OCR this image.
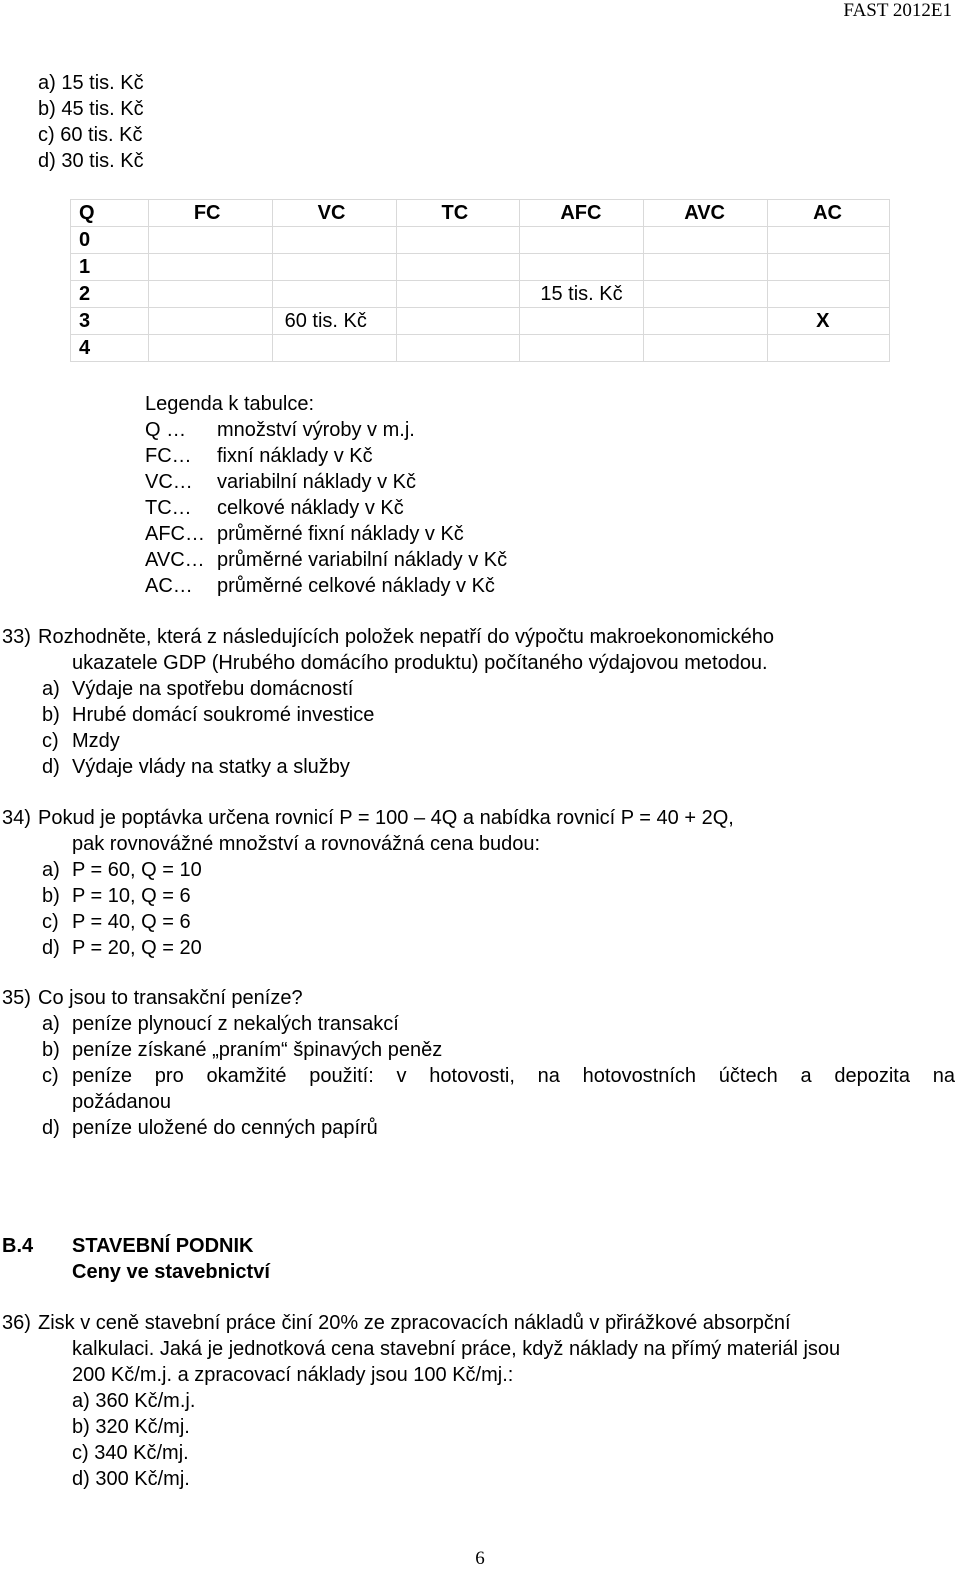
FAST 2012E1
a) 15 tis. Kč
b) 45 tis. Kč
c) 60 tis. Kč
d) 30 tis. Kč
Q	FC	VC	TC	AFC	AVC	AC
0						
1						
2				15 tis. Kč		
3		60 tis. Kč				X
4						
Legenda k tabulce:
Q … množství výroby v m.j.
FC… fixní náklady v Kč
VC… variabilní náklady v Kč
TC… celkové náklady v Kč
AFC… průměrné fixní náklady v Kč
AVC… průměrné variabilní náklady v Kč
AC… průměrné celkové náklady v Kč
33) Rozhodněte, která z následujících položek nepatří do výpočtu makroekonomického
ukazatele GDP (Hrubého domácího produktu) počítaného výdajovou metodou.
a) Výdaje na spotřebu domácností
b) Hrubé domácí soukromé investice
c) Mzdy
d) Výdaje vlády na statky a služby
34) Pokud je poptávka určena rovnicí P = 100 – 4Q a nabídka rovnicí P = 40 + 2Q,
pak rovnovážné množství a rovnovážná cena budou:
a) P = 60, Q = 10
b) P = 10, Q = 6
c) P = 40, Q = 6
d) P = 20, Q = 20
35) Co jsou to transakční peníze?
a) peníze plynoucí z nekalých transakcí
b) peníze získané „praním“ špinavých peněz
c) peníze pro okamžité použití: v hotovosti, na hotovostních účtech a depozita na
požádanou
d) peníze uložené do cenných papírů
B.4 STAVEBNÍ PODNIK
Ceny ve stavebnictví
36) Zisk v ceně stavební práce činí 20% ze zpracovacích nákladů v přirážkové absorpční
kalkulaci. Jaká je jednotková cena stavební práce, když náklady na přímý materiál jsou
200 Kč/m.j. a zpracovací náklady jsou 100 Kč/mj.:
a) 360 Kč/m.j.
b) 320 Kč/mj.
c) 340 Kč/mj.
d) 300 Kč/mj.
6
